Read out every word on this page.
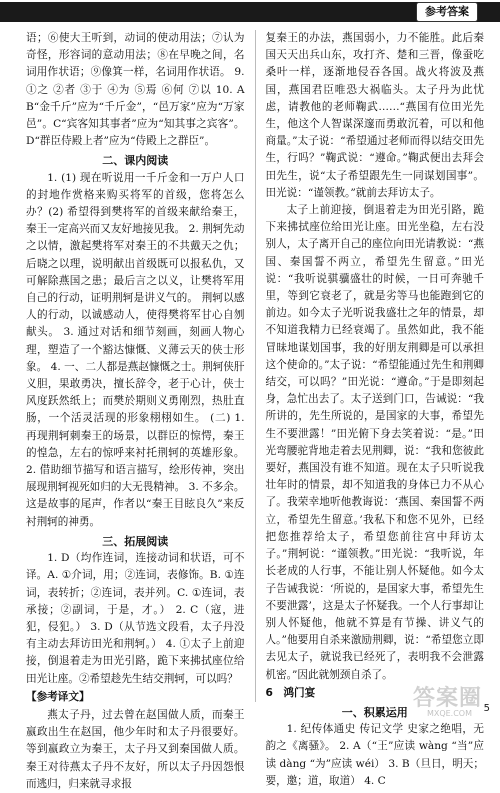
参考答案

语；⑥使大王听到，动词的使动用法；⑦认为奇怪，形容词的意动用法；⑧在早晚之间，名词用作状语；⑨像箕一样，名词用作状语。 9. ①之 ②者 ③于 ④为 ⑤焉 ⑥何 ⑦以 10. A B“金千斤”应为“千斤金”，“邑万家”应为“万家邑”。C“宾客知其事者”应为“知其事之宾客”。D“群臣侍殿上者”应为“侍殿上之群臣”。

二、课内阅读

1. (1) 现在听说用一千斤金和一万户人口的封地作赏格来购买将军的首级，您将怎么办？(2) 希望得到樊将军的首级来献给秦王，秦王一定高兴而又友好地接见我。 2. 荆轲先动之以情，激起樊将军对秦王的不共戴天之仇；后晓之以理，说明献出首级既可以报私仇，又可解除燕国之患；最后言之以义，让樊将军用自己的行动，证明荆轲是讲义气的。 荆轲以感人的行动，以诚感动人，使得樊将军甘心自刎献头。 3. 通过对话和细节刻画，刻画人物心理，塑造了一个豁达慷慨、义薄云天的侠士形象。 4. 一、二人都是燕赵慷慨之士。荆轲侠肝义胆，果敢勇决，擅长辞令，老于心计，侠士风度跃然纸上；而樊於期则义勇刚烈，热肚直肠，一个活灵活现的形象栩栩如生。 (二) 1. 再现荆轲刺秦王的场景，以群臣的惊愕，秦王的惶急，左右的惊呼来衬托荆轲的英雄形象。 2. 借助细节描写和语言描写，绘形传神，突出展现荆轲视死如归的大无畏精神。 3. 不多余。这是故事的尾声，作者以“秦王目眩良久”来反衬荆轲的神勇。

三、拓展阅读

1. D（均作连词，连接动词和状语，可不译。A. ①介词，用；②连词，表修饰。B. ①连词，表转折；②连词，表并列。C. ①连词，表承接；②副词，于是，才。） 2. C（寇，进犯，侵犯。） 3. D（从节选文段看，太子丹没有主动去拜访田光和荆轲。） 4. ①太子上前迎接，倒退着走为田光引路，跪下来拂拭座位给田光让座。②希望趁先生结交荆轲，可以吗？

【参考译文】

燕太子丹，过去曾在赵国做人质，而秦王嬴政出生在赵国，他少年时和太子丹很要好。等到嬴政立为秦王，太子丹又到秦国做人质。秦王对待燕太子丹不友好，所以太子丹因怨恨而逃归，归来就寻求报

复秦王的办法，燕国弱小，力不能胜。此后秦国天天出兵山东，攻打齐、楚和三晋，像蚕吃桑叶一样，逐渐地侵吞各国。战火将波及燕国，燕国君臣唯恐大祸临头。太子丹为此忧虑，请教他的老师鞠武……“燕国有位田光先生，他这个人智谋深邃而勇敢沉着，可以和他商量。”太子说：“希望通过老师而得以结交田先生，行吗？”鞠武说：“遵命。”鞠武便出去拜会田先生，说“太子希望跟先生一同谋划国事”。田光说：“谨领教。”就前去拜访太子。

太子上前迎接，倒退着走为田光引路，跪下来拂拭座位给田光让座。田光坐稳，左右没别人，太子离开自己的座位向田光请教说：“燕国、秦国誓不两立，希望先生留意。”田光说：“我听说骐骥盛壮的时候，一日可奔驰千里，等到它衰老了，就是劣等马也能跑到它的前边。如今太子光听说我盛壮之年的情景，却不知道我精力已经衰竭了。虽然如此，我不能冒昧地谋划国事，我的好朋友荆卿是可以承担这个使命的。”太子说：“希望能通过先生和荆卿结交，可以吗？”田光说：“遵命。”于是即刻起身，急忙出去了。太子送到门口，告诫说：“我所讲的，先生所说的，是国家的大事，希望先生不要泄露！”田光俯下身去笑着说：“是。”田光弯腰驼背地走着去见荆卿，说：“我和您彼此要好，燕国没有谁不知道。现在太子只听说我壮年时的情景，却不知道我的身体已力不从心了。我荣幸地听他教诲说：‘燕国、秦国誓不两立，希望先生留意。’我私下和您不见外，已经把您推荐给太子，希望您前往宫中拜访太子。”荆轲说：“谨领教。”田光说：“我听说，年长老成的人行事，不能让别人怀疑他。如今太子告诫我说：‘所说的，是国家大事，希望先生不要泄露’，这是太子怀疑我。一个人行事却让别人怀疑他，他就不算是有节操、讲义气的人。”他要用自杀来激励荆卿，说：“希望您立即去见太子，就说我已经死了，表明我不会泄露机密。”因此就刎颈自杀了。

6　鸿门宴
一、积累运用

1. 纪传体通史 传记文学 史家之绝唱，无韵之《离骚》。 2. A（“王”应读 wàng “当”应读 dàng “为”应读 wéi） 3. B（旦日，明天；要，邀；道，取道） 4. C

答案圈
MXQE.COM 5
